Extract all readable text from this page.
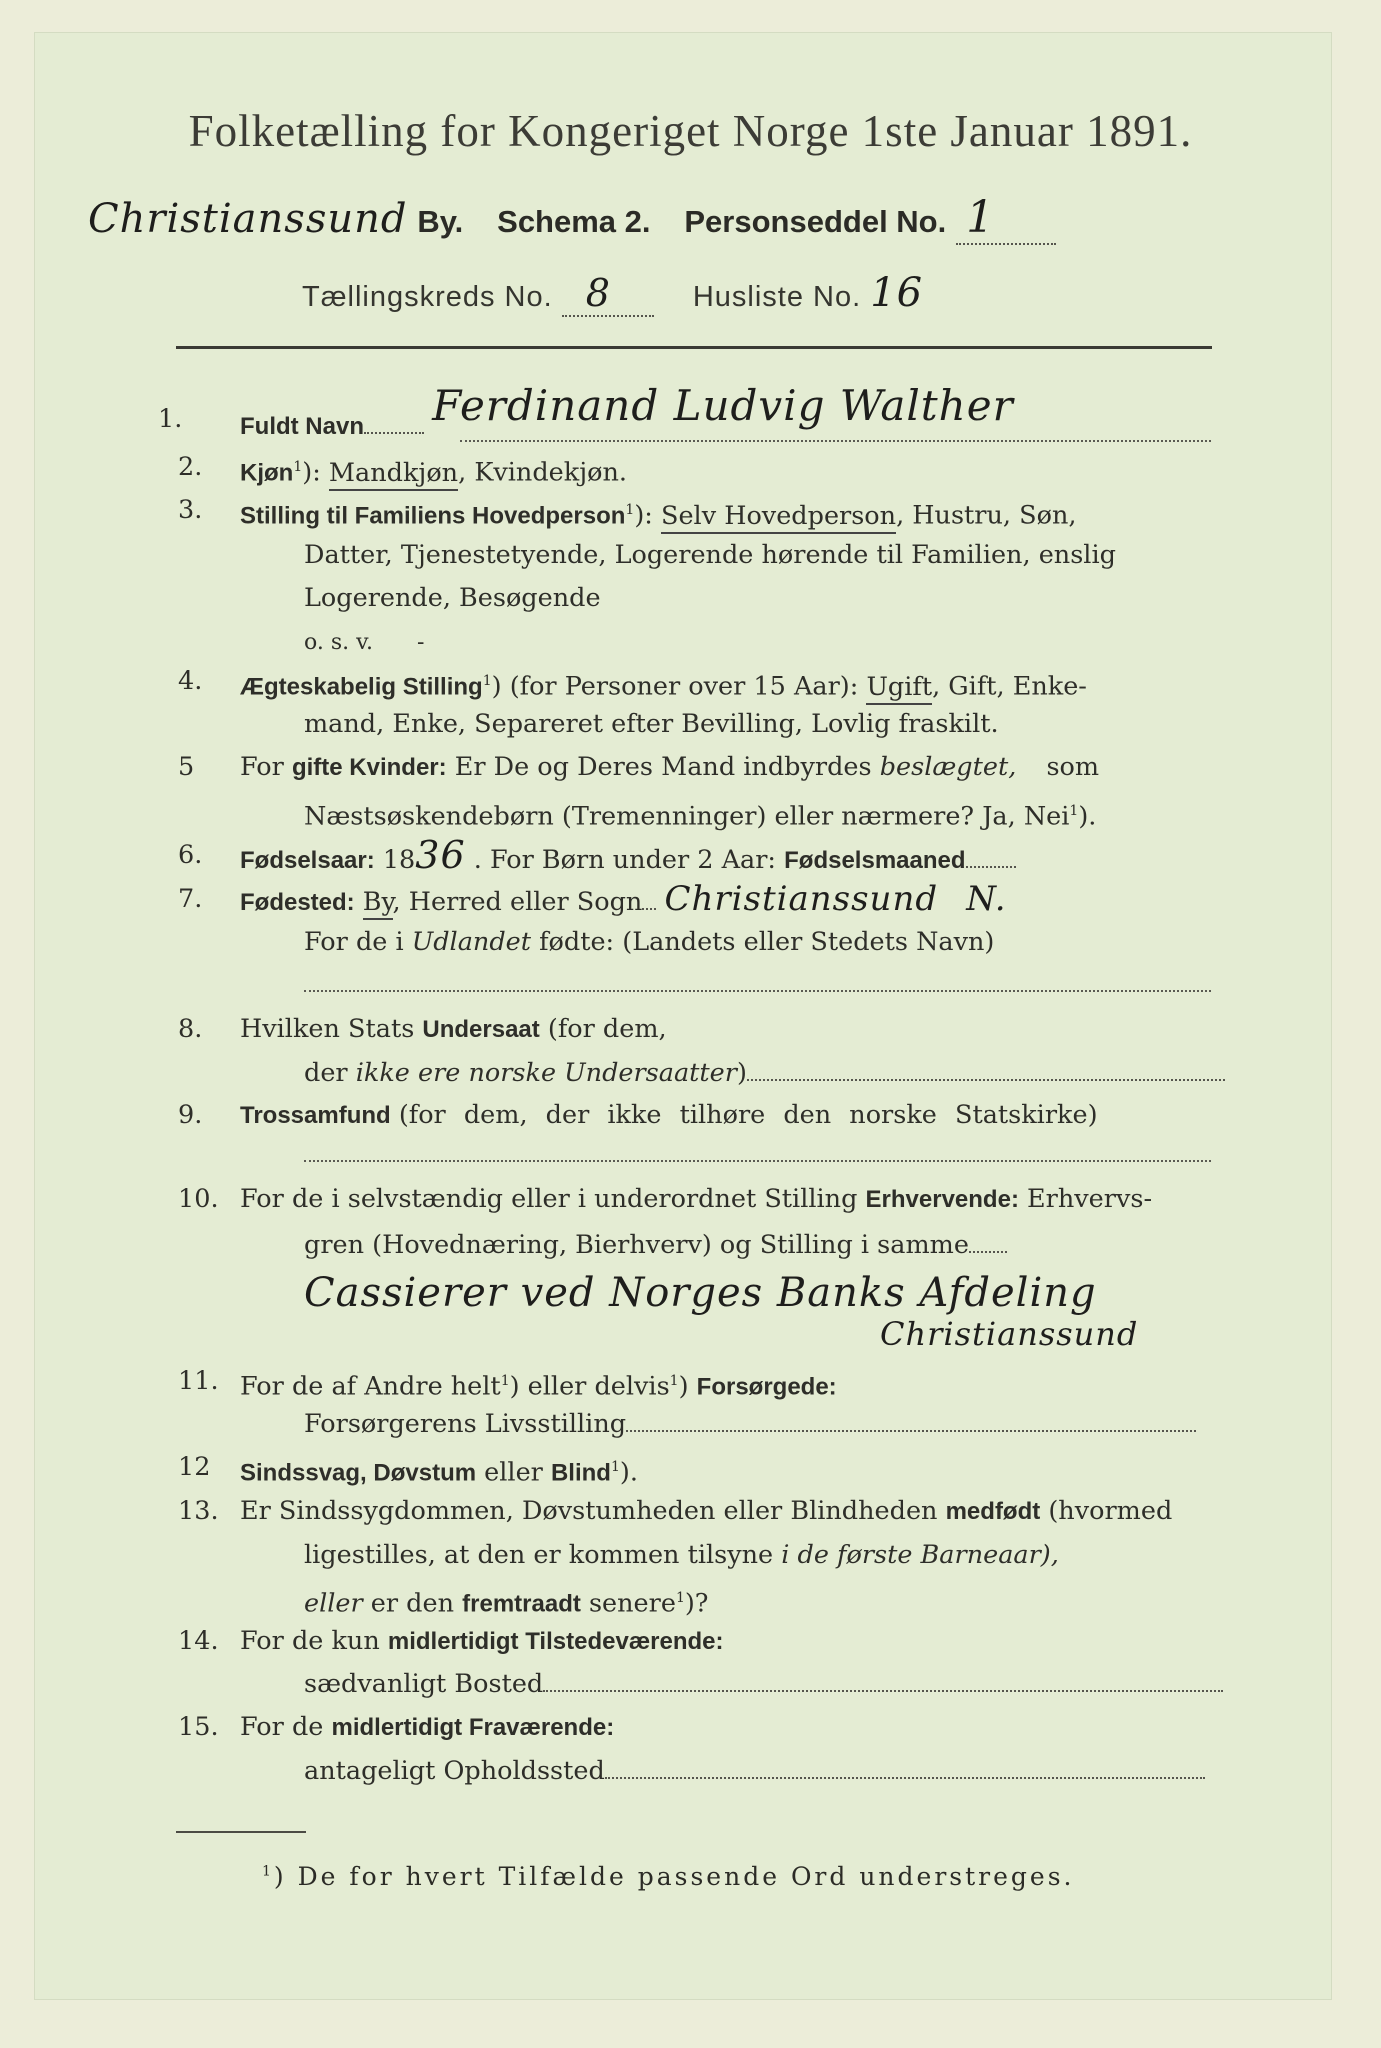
Folketælling for Kongeriget Norge 1ste Januar 1891.
Christianssund By. Schema 2. Personseddel No. 1
Tællingskreds No. 8	Husliste No. 16
1.	Fuldt Navn Ferdinand Ludvig Walther
2.	Kjøn$^1$): Mandkjøn, Kvindekjøn.
3.	Stilling til Familiens Hovedperson$^1$): Selv Hovedperson, Hustru, Søn,
Datter, Tjenestetyende, Logerende hørende til Familien, enslig
Logerende, Besøgende
o. s. v. -
4.	Ægteskabelig Stilling$^1$) (for Personer over 15 Aar): Ugift, Gift, Enke-
mand, Enke, Separeret efter Bevilling, Lovlig fraskilt.
5	For gifte Kvinder: Er De og Deres Mand indbyrdes beslægtet, som
Næstsøskendebørn (Tremenninger) eller nærmere? Ja, Nei$^1$).
6.	Fødselsaar: 1836 . For Børn under 2 Aar: Fødselsmaaned
7.	Fødested: By, Herred eller Sogn Christianssund N.
For de i Udlandet fødte: (Landets eller Stedets Navn)
8.	Hvilken Stats Undersaat (for dem,
der ikke ere norske Undersaatter)
9.	Trossamfund (for dem, der ikke tilhøre den norske Statskirke)
10. For de i selvstændig eller i underordnet Stilling Erhvervende: Erhvervs-
gren (Hovednæring, Bierhverv) og Stilling i samme
Cassierer ved Norges Banks Afdeling
Christianssund
11. For de af Andre helt$^1$) eller delvis$^1$) Forsørgede:
Forsørgerens Livsstilling
12	Sindssvag, Døvstum eller Blind$^1$).
13. Er Sindssygdommen, Døvstumheden eller Blindheden medfødt (hvormed
ligestilles, at den er kommen tilsyne i de første Barneaar),
eller er den fremtraadt senere$^1$)?
14. For de kun midlertidigt Tilstedeværende:
sædvanligt Bosted
15. For de midlertidigt Fraværende:
antageligt Opholdssted
$^1$) De for hvert Tilfælde passende Ord understreges.
